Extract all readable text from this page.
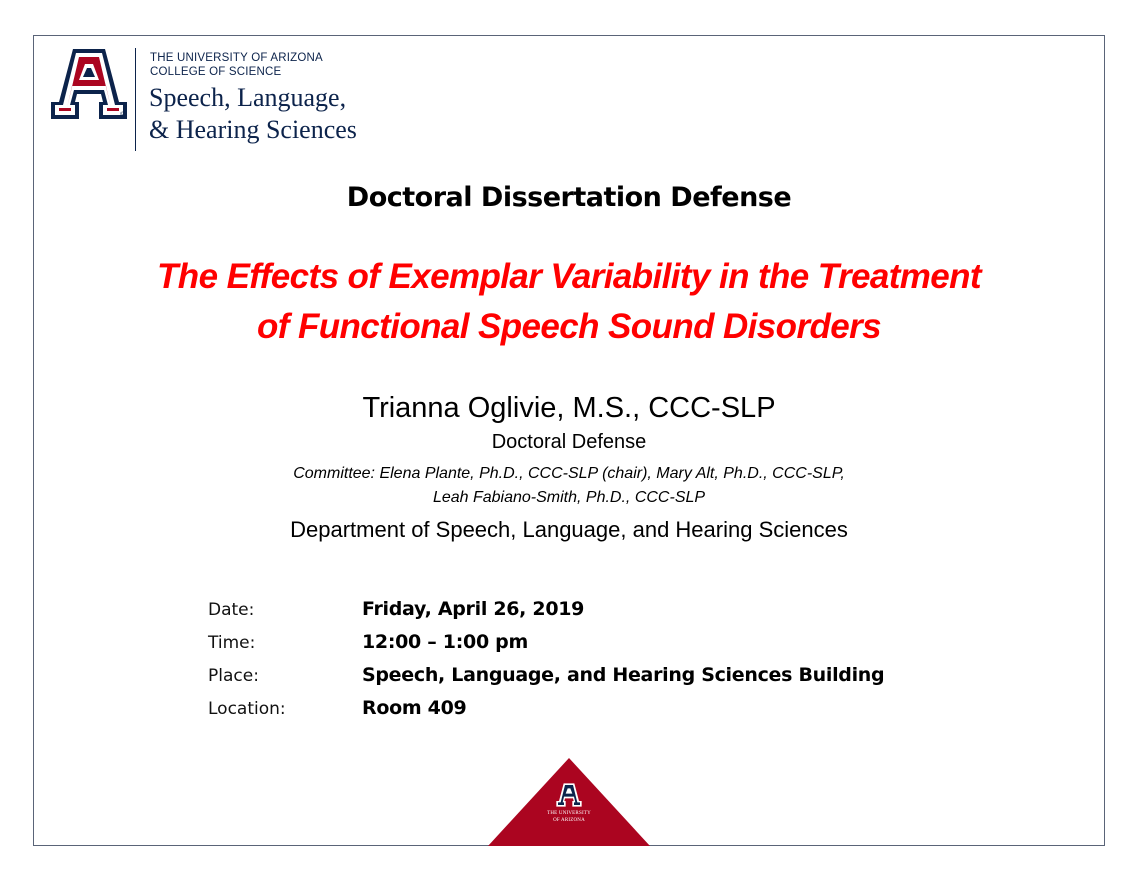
®
THE UNIVERSITY OF ARIZONA
COLLEGE OF SCIENCE
Speech, Language,
& Hearing Sciences
Doctoral Dissertation Defense
The Effects of Exemplar Variability in the Treatment
of Functional Speech Sound Disorders
Trianna Oglivie, M.S., CCC-SLP
Doctoral Defense
Committee: Elena Plante, Ph.D., CCC-SLP (chair), Mary Alt, Ph.D., CCC-SLP,
Leah Fabiano-Smith, Ph.D., CCC-SLP
Department of Speech, Language, and Hearing Sciences
Date:	Friday, April 26, 2019
Time:	12:00 – 1:00 pm
Place:	Speech, Language, and Hearing Sciences Building
Location:	Room 409
THE UNIVERSITY
OF ARIZONA
